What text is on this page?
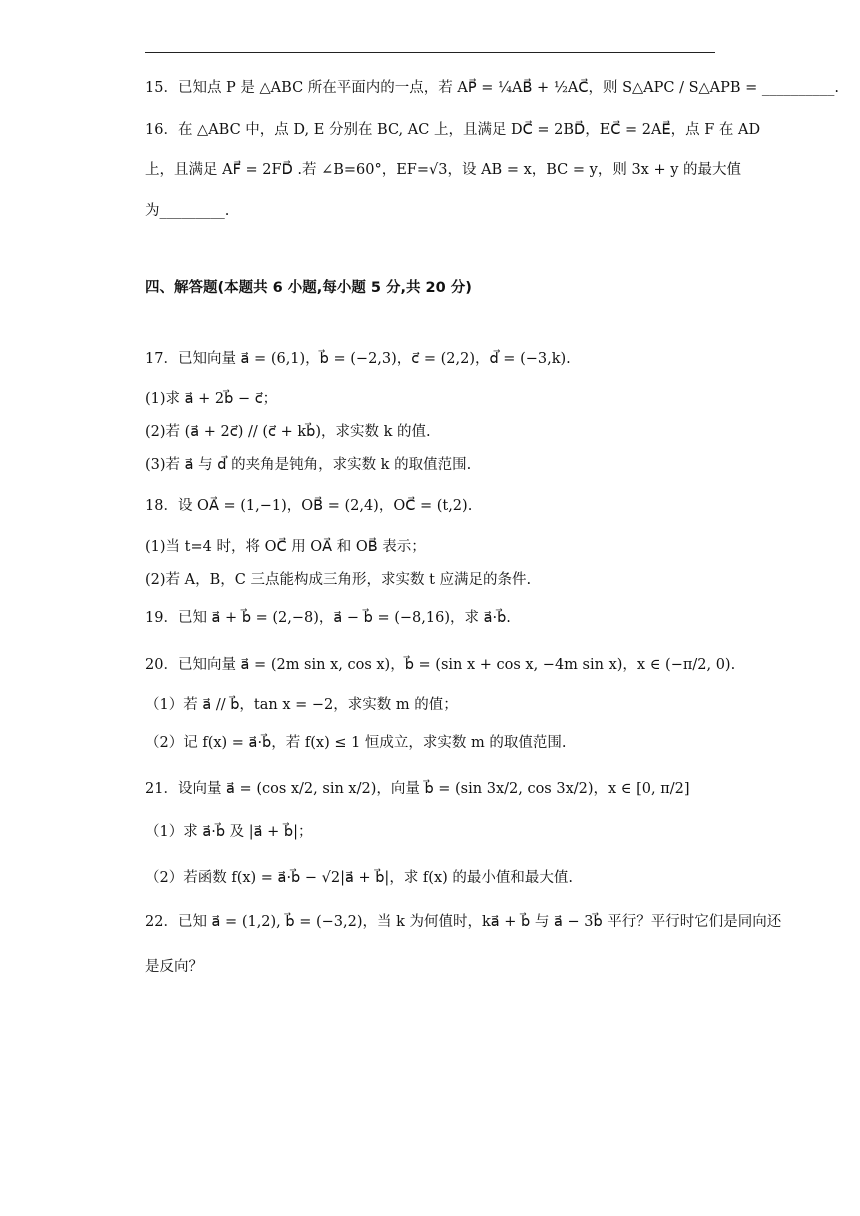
15．已知点 P 是 △ABC 所在平面内的一点，若 AP⃗ = ¼AB⃗ + ½AC⃗，则 S△APC / S△APB = __________.
16．在 △ABC 中，点 D, E 分别在 BC, AC 上，且满足 DC⃗ = 2BD⃗，EC⃗ = 2AE⃗，点 F 在 AD
上，且满足 AF⃗ = 2FD⃗ .若 ∠B=60°，EF=√3，设 AB = x，BC = y，则 3x + y 的最大值
为_________.
四、解答题(本题共 6 小题,每小题 5 分,共 20 分)
17．已知向量 a⃗ = (6,1)，b⃗ = (−2,3)，c⃗ = (2,2)，d⃗ = (−3,k).
(1)求 a⃗ + 2b⃗ − c⃗；
(2)若 (a⃗ + 2c⃗) // (c⃗ + kb⃗)，求实数 k 的值.
(3)若 a⃗ 与 d⃗ 的夹角是钝角，求实数 k 的取值范围.
18．设 OA⃗ = (1,−1)，OB⃗ = (2,4)，OC⃗ = (t,2).
(1)当 t=4 时，将 OC⃗ 用 OA⃗ 和 OB⃗ 表示；
(2)若 A，B，C 三点能构成三角形，求实数 t 应满足的条件.
19．已知 a⃗ + b⃗ = (2,−8)，a⃗ − b⃗ = (−8,16)，求 a⃗·b⃗.
20．已知向量 a⃗ = (2m sin x, cos x)，b⃗ = (sin x + cos x, −4m sin x)，x ∈ (−π/2, 0).
（1）若 a⃗ // b⃗，tan x = −2，求实数 m 的值；
（2）记 f(x) = a⃗·b⃗，若 f(x) ≤ 1 恒成立，求实数 m 的取值范围.
21．设向量 a⃗ = (cos x/2, sin x/2)，向量 b⃗ = (sin 3x/2, cos 3x/2)，x ∈ [0, π/2]
（1）求 a⃗·b⃗ 及 |a⃗ + b⃗|；
（2）若函数 f(x) = a⃗·b⃗ − √2|a⃗ + b⃗|，求 f(x) 的最小值和最大值.
22．已知 a⃗ = (1,2), b⃗ = (−3,2)，当 k 为何值时，ka⃗ + b⃗ 与 a⃗ − 3b⃗ 平行？平行时它们是同向还
是反向？
